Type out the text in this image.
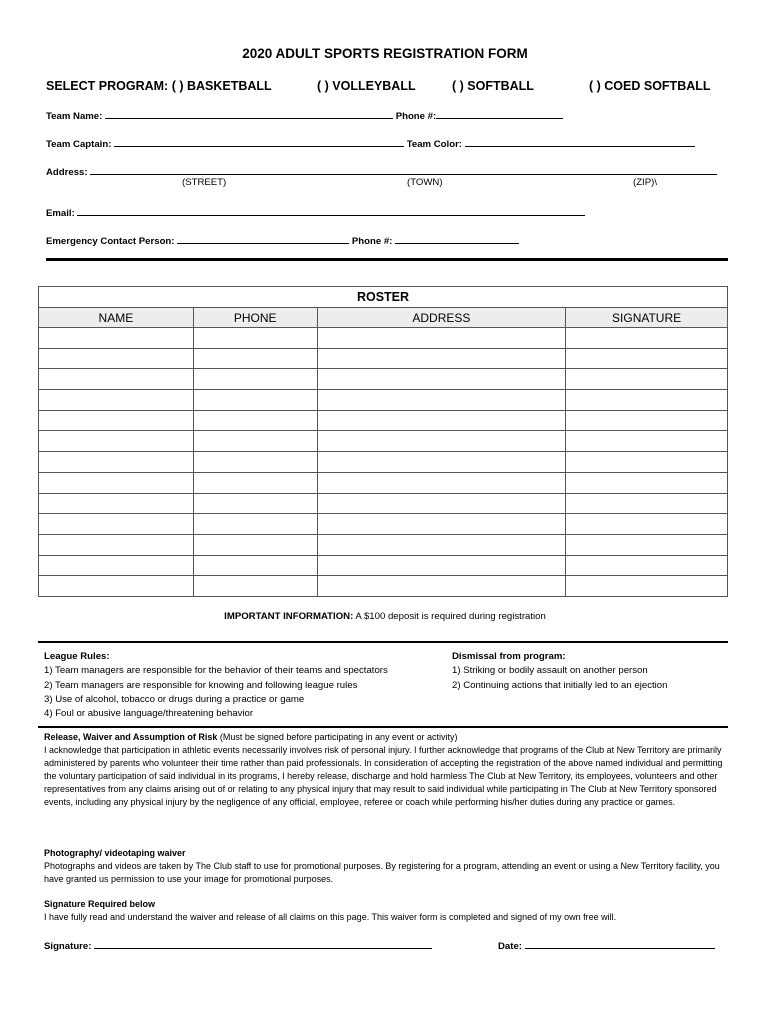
2020 ADULT SPORTS REGISTRATION FORM
SELECT PROGRAM: ( ) BASKETBALL	( ) VOLLEYBALL	( ) SOFTBALL	( ) COED SOFTBALL
Team Name:	Phone #:
Team Captain:	Team Color:
Address:
(STREET)	(TOWN)	(ZIP)\
Email:
Emergency Contact Person:	Phone #:
ROSTER			
NAME	PHONE	ADDRESS	SIGNATURE

IMPORTANT INFORMATION: A $100 deposit is required during registration
League Rules:
1) Team managers are responsible for the behavior of their teams and spectators
2) Team managers are responsible for knowing and following league rules
3) Use of alcohol, tobacco or drugs during a practice or game
4) Foul or abusive language/threatening behavior
Dismissal from program:
1) Striking or bodily assault on another person
2) Continuing actions that initially led to an ejection
Release, Waiver and Assumption of Risk (Must be signed before participating in any event or activity)
I acknowledge that participation in athletic events necessarily involves risk of personal injury. I further acknowledge that programs of the Club at New Territory are primarily administered by parents who volunteer their time rather than paid professionals. In consideration of accepting the registration of the above named individual and permitting the voluntary participation of said individual in its programs, I hereby release, discharge and hold harmless The Club at New Territory, its employees, volunteers and other representatives from any claims arising out of or relating to any physical injury that may result to said individual while participating in The Club at New Territory sponsored events, including any physical injury by the negligence of any official, employee, referee or coach while performing his/her duties during any practice or games.
Photography/ videotaping waiver
Photographs and videos are taken by The Club staff to use for promotional purposes. By registering for a program, attending an event or using a New Territory facility, you have granted us permission to use your image for promotional purposes.
Signature Required below
I have fully read and understand the waiver and release of all claims on this page. This waiver form is completed and signed of my own free will.
Signature:	Date:
